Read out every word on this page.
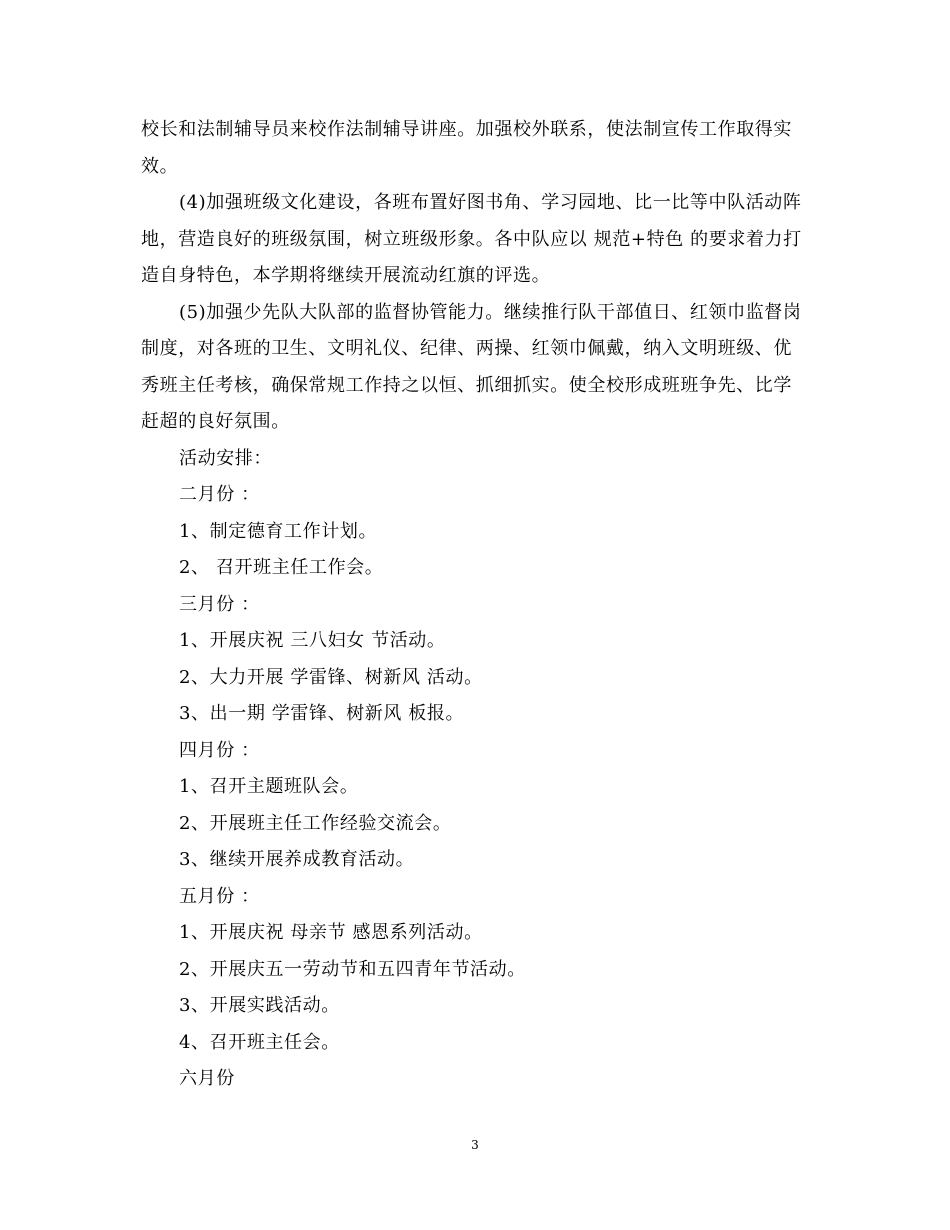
校长和法制辅导员来校作法制辅导讲座。加强校外联系，使法制宣传工作取得实
效。
(4)加强班级文化建设，各班布置好图书角、学习园地、比一比等中队活动阵
地，营造良好的班级氛围，树立班级形象。各中队应以 规范+特色 的要求着力打
造自身特色，本学期将继续开展流动红旗的评选。
(5)加强少先队大队部的监督协管能力。继续推行队干部值日、红领巾监督岗
制度，对各班的卫生、文明礼仪、纪律、两操、红领巾佩戴，纳入文明班级、优
秀班主任考核，确保常规工作持之以恒、抓细抓实。使全校形成班班争先、比学
赶超的良好氛围。
活动安排：
二月份 ：
1、制定德育工作计划。
2、 召开班主任工作会。
三月份 ：
1、开展庆祝 三八妇女 节活动。
2、大力开展 学雷锋、树新风 活动。
3、出一期 学雷锋、树新风 板报。
四月份 ：
1、召开主题班队会。
2、开展班主任工作经验交流会。
3、继续开展养成教育活动。
五月份 ：
1、开展庆祝 母亲节 感恩系列活动。
2、开展庆五一劳动节和五四青年节活动。
3、开展实践活动。
4、召开班主任会。
六月份
3
